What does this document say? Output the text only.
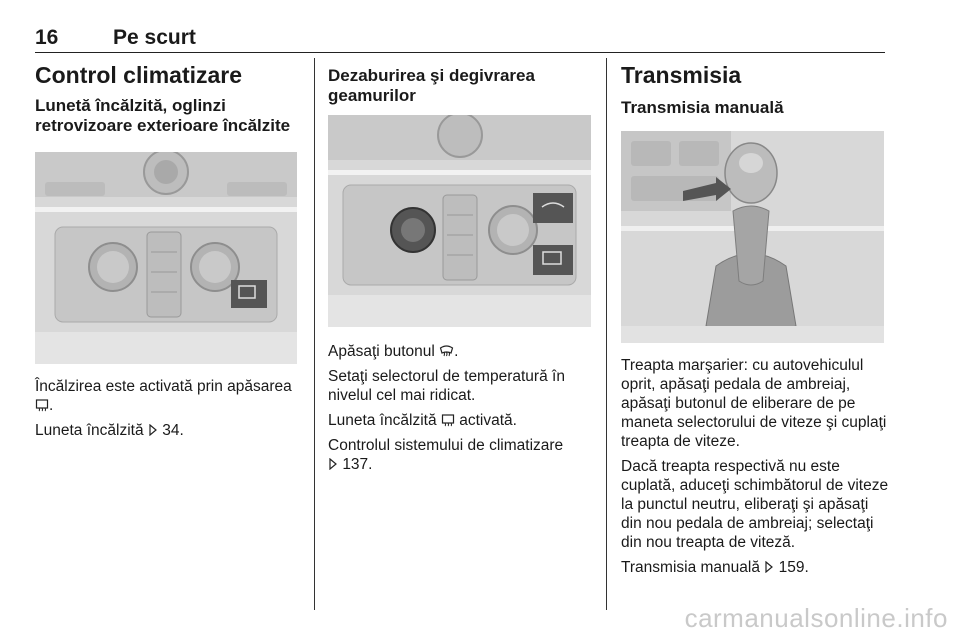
16	Pe scurt
Control climatizare
Lunetă încălzită, oglinzi retrovizoare exterioare încălzite

Încălzirea este activată prin apăsarea .

Luneta încălzită 34.

Dezaburirea şi degivrarea geamurilor

Apăsaţi butonul .

Setaţi selectorul de temperatură în nivelul cel mai ridicat.

Luneta încălzită activată.

Controlul sistemului de climatizare
137.

Transmisia
Transmisia manuală

Treapta marşarier: cu autovehiculul oprit, apăsaţi pedala de ambreiaj, apăsaţi butonul de eliberare de pe maneta selectorului de viteze şi cuplaţi treapta de viteze.

Dacă treapta respectivă nu este cuplată, aduceţi schimbătorul de viteze la punctul neutru, eliberaţi şi apăsaţi din nou pedala de ambreiaj; selectaţi din nou treapta de viteză.

Transmisia manuală 159.

carmanualsonline.info
